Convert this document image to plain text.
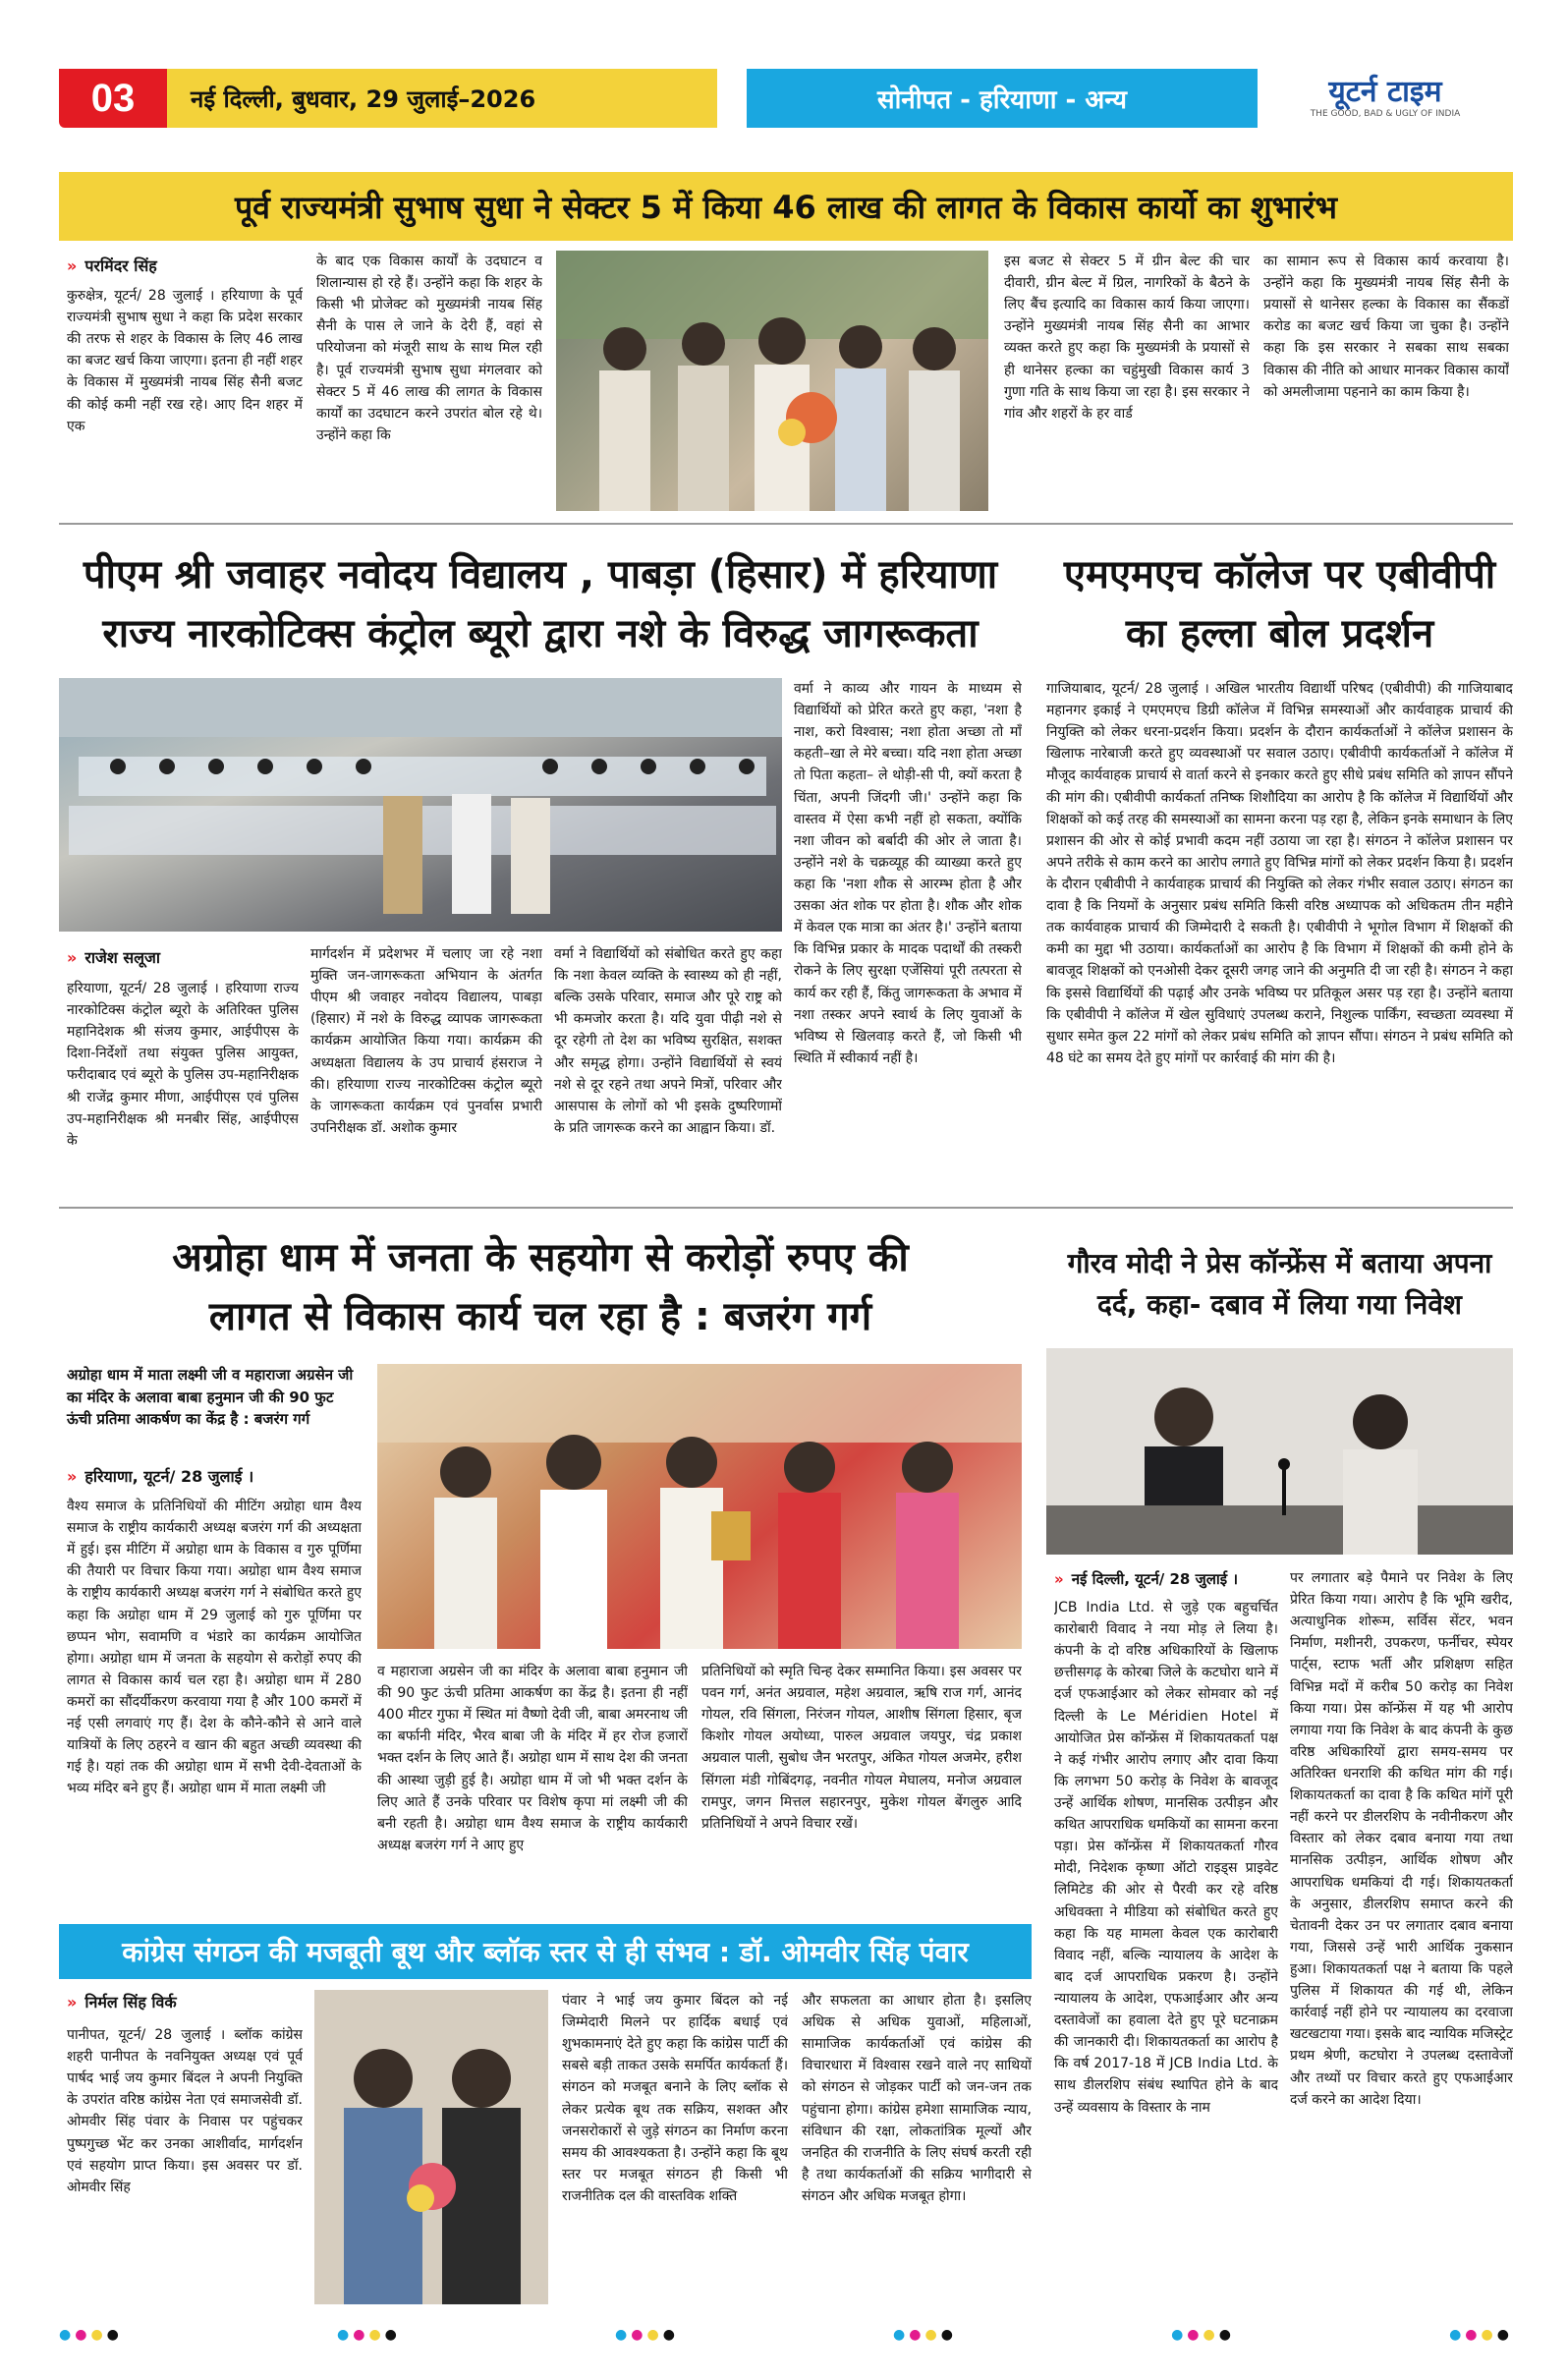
03	नई दिल्ली, बुधवार, 29 जुलाई–2026	सोनीपत - हरियाणा - अन्य	यूटर्न टाइम
THE GOOD, BAD & UGLY OF INDIA
पूर्व राज्यमंत्री सुभाष सुधा ने सेक्टर 5 में किया 46 लाख की लागत के विकास कार्यो का शुभारंभ
» परमिंदर सिंह
कुरुक्षेत्र, यूटर्न/ 28 जुलाई । हरियाणा के पूर्व राज्यमंत्री सुभाष सुधा ने कहा कि प्रदेश सरकार की तरफ से शहर के विकास के लिए 46 लाख का बजट खर्च किया जाएगा। इतना ही नहीं शहर के विकास में मुख्यमंत्री नायब सिंह सैनी बजट की कोई कमी नहीं रख रहे। आए दिन शहर में एक
के बाद एक विकास कार्यों के उदघाटन व शिलान्यास हो रहे हैं। उन्होंने कहा कि शहर के किसी भी प्रोजेक्ट को मुख्यमंत्री नायब सिंह सैनी के पास ले जाने के देरी हैं, वहां से परियोजना को मंजूरी साथ के साथ मिल रही है। पूर्व राज्यमंत्री सुभाष सुधा मंगलवार को सेक्टर 5 में 46 लाख की लागत के विकास कार्यों का उदघाटन करने उपरांत बोल रहे थे। उन्होंने कहा कि
इस बजट से सेक्टर 5 में ग्रीन बेल्ट की चार दीवारी, ग्रीन बेल्ट में ग्रिल, नागरिकों के बैठने के लिए बैंच इत्यादि का विकास कार्य किया जाएगा। उन्होंने मुख्यमंत्री नायब सिंह सैनी का आभार व्यक्त करते हुए कहा कि मुख्यमंत्री के प्रयासों से ही थानेसर हल्का का चहुंमुखी विकास कार्य 3 गुणा गति के साथ किया जा रहा है। इस सरकार ने गांव और शहरों के हर वार्ड
का सामान रूप से विकास कार्य करवाया है। उन्होंने कहा कि मुख्यमंत्री नायब सिंह सैनी के प्रयासों से थानेसर हल्का के विकास का सैंकडों करोड का बजट खर्च किया जा चुका है। उन्होंने कहा कि इस सरकार ने सबका साथ सबका विकास की नीति को आधार मानकर विकास कार्यों को अमलीजामा पहनाने का काम किया है।
पीएम श्री जवाहर नवोदय विद्यालय , पाबड़ा (हिसार) में हरियाणा
राज्य नारकोटिक्स कंट्रोल ब्यूरो द्वारा नशे के विरुद्ध जागरूकता
» राजेश सलूजा
हरियाणा, यूटर्न/ 28 जुलाई । हरियाणा राज्य नारकोटिक्स कंट्रोल ब्यूरो के अतिरिक्त पुलिस महानिदेशक श्री संजय कुमार, आईपीएस के दिशा-निर्देशों तथा संयुक्त पुलिस आयुक्त, फरीदाबाद एवं ब्यूरो के पुलिस उप-महानिरीक्षक श्री राजेंद्र कुमार मीणा, आईपीएस एवं पुलिस उप-महानिरीक्षक श्री मनबीर सिंह, आईपीएस के
मार्गदर्शन में प्रदेशभर में चलाए जा रहे नशा मुक्ति जन-जागरूकता अभियान के अंतर्गत पीएम श्री जवाहर नवोदय विद्यालय, पाबड़ा (हिसार) में नशे के विरुद्ध व्यापक जागरूकता कार्यक्रम आयोजित किया गया। कार्यक्रम की अध्यक्षता विद्यालय के उप प्राचार्य हंसराज ने की। हरियाणा राज्य नारकोटिक्स कंट्रोल ब्यूरो के जागरूकता कार्यक्रम एवं पुनर्वास प्रभारी उपनिरीक्षक डॉ. अशोक कुमार
वर्मा ने विद्यार्थियों को संबोधित करते हुए कहा कि नशा केवल व्यक्ति के स्वास्थ्य को ही नहीं, बल्कि उसके परिवार, समाज और पूरे राष्ट्र को भी कमजोर करता है। यदि युवा पीढ़ी नशे से दूर रहेगी तो देश का भविष्य सुरक्षित, सशक्त और समृद्ध होगा। उन्होंने विद्यार्थियों से स्वयं नशे से दूर रहने तथा अपने मित्रों, परिवार और आसपास के लोगों को भी इसके दुष्परिणामों के प्रति जागरूक करने का आह्वान किया। डॉ.
वर्मा ने काव्य और गायन के माध्यम से विद्यार्थियों को प्रेरित करते हुए कहा, 'नशा है नाश, करो विश्वास; नशा होता अच्छा तो माँ कहती–खा ले मेरे बच्चा। यदि नशा होता अच्छा तो पिता कहता– ले थोड़ी-सी पी, क्यों करता है चिंता, अपनी जिंदगी जी।' उन्होंने कहा कि वास्तव में ऐसा कभी नहीं हो सकता, क्योंकि नशा जीवन को बर्बादी की ओर ले जाता है। उन्होंने नशे के चक्रव्यूह की व्याख्या करते हुए कहा कि 'नशा शौक से आरम्भ होता है और उसका अंत शोक पर होता है। शौक और शोक में केवल एक मात्रा का अंतर है।' उन्होंने बताया कि विभिन्न प्रकार के मादक पदार्थों की तस्करी रोकने के लिए सुरक्षा एजेंसियां पूरी तत्परता से कार्य कर रही हैं, किंतु जागरूकता के अभाव में नशा तस्कर अपने स्वार्थ के लिए युवाओं के भविष्य से खिलवाड़ करते हैं, जो किसी भी स्थिति में स्वीकार्य नहीं है।
एमएमएच कॉलेज पर एबीवीपी
का हल्ला बोल प्रदर्शन
गाजियाबाद, यूटर्न/ 28 जुलाई । अखिल भारतीय विद्यार्थी परिषद (एबीवीपी) की गाजियाबाद महानगर इकाई ने एमएमएच डिग्री कॉलेज में विभिन्न समस्याओं और कार्यवाहक प्राचार्य की नियुक्ति को लेकर धरना-प्रदर्शन किया। प्रदर्शन के दौरान कार्यकर्ताओं ने कॉलेज प्रशासन के खिलाफ नारेबाजी करते हुए व्यवस्थाओं पर सवाल उठाए। एबीवीपी कार्यकर्ताओं ने कॉलेज में मौजूद कार्यवाहक प्राचार्य से वार्ता करने से इनकार करते हुए सीधे प्रबंध समिति को ज्ञापन सौंपने की मांग की। एबीवीपी कार्यकर्ता तनिष्क शिशौदिया का आरोप है कि कॉलेज में विद्यार्थियों और शिक्षकों को कई तरह की समस्याओं का सामना करना पड़ रहा है, लेकिन इनके समाधान के लिए प्रशासन की ओर से कोई प्रभावी कदम नहीं उठाया जा रहा है। संगठन ने कॉलेज प्रशासन पर अपने तरीके से काम करने का आरोप लगाते हुए विभिन्न मांगों को लेकर प्रदर्शन किया है। प्रदर्शन के दौरान एबीवीपी ने कार्यवाहक प्राचार्य की नियुक्ति को लेकर गंभीर सवाल उठाए। संगठन का दावा है कि नियमों के अनुसार प्रबंध समिति किसी वरिष्ठ अध्यापक को अधिकतम तीन महीने तक कार्यवाहक प्राचार्य की जिम्मेदारी दे सकती है। एबीवीपी ने भूगोल विभाग में शिक्षकों की कमी का मुद्दा भी उठाया। कार्यकर्ताओं का आरोप है कि विभाग में शिक्षकों की कमी होने के बावजूद शिक्षकों को एनओसी देकर दूसरी जगह जाने की अनुमति दी जा रही है। संगठन ने कहा कि इससे विद्यार्थियों की पढ़ाई और उनके भविष्य पर प्रतिकूल असर पड़ रहा है। उन्होंने बताया कि एबीवीपी ने कॉलेज में खेल सुविधाएं उपलब्ध कराने, निशुल्क पार्किंग, स्वच्छता व्यवस्था में सुधार समेत कुल 22 मांगों को लेकर प्रबंध समिति को ज्ञापन सौंपा। संगठन ने प्रबंध समिति को 48 घंटे का समय देते हुए मांगों पर कार्रवाई की मांग की है।
अग्रोहा धाम में जनता के सहयोग से करोड़ों रुपए की
लागत से विकास कार्य चल रहा है : बजरंग गर्ग
अग्रोहा धाम में माता लक्ष्मी जी व महाराजा अग्रसेन जी का मंदिर के अलावा बाबा हनुमान जी की 90 फुट ऊंची प्रतिमा आकर्षण का केंद्र है : बजरंग गर्ग
» हरियाणा, यूटर्न/ 28 जुलाई ।
वैश्य समाज के प्रतिनिधियों की मीटिंग अग्रोहा धाम वैश्य समाज के राष्ट्रीय कार्यकारी अध्यक्ष बजरंग गर्ग की अध्यक्षता में हुई। इस मीटिंग में अग्रोहा धाम के विकास व गुरु पूर्णिमा की तैयारी पर विचार किया गया। अग्रोहा धाम वैश्य समाज के राष्ट्रीय कार्यकारी अध्यक्ष बजरंग गर्ग ने संबोधित करते हुए कहा कि अग्रोहा धाम में 29 जुलाई को गुरु पूर्णिमा पर छप्पन भोग, सवामणि व भंडारे का कार्यक्रम आयोजित होगा। अग्रोहा धाम में जनता के सहयोग से करोड़ों रुपए की लागत से विकास कार्य चल रहा है। अग्रोहा धाम में 280 कमरों का सौंदर्यीकरण करवाया गया है और 100 कमरों में नई एसी लगवाएं गए हैं। देश के कौने-कौने से आने वाले यात्रियों के लिए ठहरने व खान की बहुत अच्छी व्यवस्था की गई है। यहां तक की अग्रोहा धाम में सभी देवी-देवताओं के भव्य मंदिर बने हुए हैं। अग्रोहा धाम में माता लक्ष्मी जी
व महाराजा अग्रसेन जी का मंदिर के अलावा बाबा हनुमान जी की 90 फुट ऊंची प्रतिमा आकर्षण का केंद्र है। इतना ही नहीं 400 मीटर गुफा में स्थित मां वैष्णो देवी जी, बाबा अमरनाथ जी का बर्फानी मंदिर, भैरव बाबा जी के मंदिर में हर रोज हजारों भक्त दर्शन के लिए आते हैं। अग्रोहा धाम में साथ देश की जनता की आस्था जुड़ी हुई है। अग्रोहा धाम में जो भी भक्त दर्शन के लिए आते हैं उनके परिवार पर विशेष कृपा मां लक्ष्मी जी की बनी रहती है। अग्रोहा धाम वैश्य समाज के राष्ट्रीय कार्यकारी अध्यक्ष बजरंग गर्ग ने आए हुए
प्रतिनिधियों को स्मृति चिन्ह देकर सम्मानित किया। इस अवसर पर पवन गर्ग, अनंत अग्रवाल, महेश अग्रवाल, ऋषि राज गर्ग, आनंद गोयल, रवि सिंगला, निरंजन गोयल, आशीष सिंगला हिसार, बृज किशोर गोयल अयोध्या, पारुल अग्रवाल जयपुर, चंद्र प्रकाश अग्रवाल पाली, सुबोध जैन भरतपुर, अंकित गोयल अजमेर, हरीश सिंगला मंडी गोबिंदगढ़, नवनीत गोयल मेघालय, मनोज अग्रवाल रामपुर, जगन मित्तल सहारनपुर, मुकेश गोयल बेंगलुरु आदि प्रतिनिधियों ने अपने विचार रखें।
गौरव मोदी ने प्रेस कॉन्फ्रेंस में बताया अपना
दर्द, कहा- दबाव में लिया गया निवेश
» नई दिल्ली, यूटर्न/ 28 जुलाई ।
JCB India Ltd. से जुड़े एक बहुचर्चित कारोबारी विवाद ने नया मोड़ ले लिया है। कंपनी के दो वरिष्ठ अधिकारियों के खिलाफ छत्तीसगढ़ के कोरबा जिले के कटघोरा थाने में दर्ज एफआईआर को लेकर सोमवार को नई दिल्ली के Le Méridien Hotel में आयोजित प्रेस कॉन्फ्रेंस में शिकायतकर्ता पक्ष ने कई गंभीर आरोप लगाए और दावा किया कि लगभग 50 करोड़ के निवेश के बावजूद उन्हें आर्थिक शोषण, मानसिक उत्पीड़न और कथित आपराधिक धमकियों का सामना करना पड़ा। प्रेस कॉन्फ्रेंस में शिकायतकर्ता गौरव मोदी, निदेशक कृष्णा ऑटो राइड्स प्राइवेट लिमिटेड की ओर से पैरवी कर रहे वरिष्ठ अधिवक्ता ने मीडिया को संबोधित करते हुए कहा कि यह मामला केवल एक कारोबारी विवाद नहीं, बल्कि न्यायालय के आदेश के बाद दर्ज आपराधिक प्रकरण है। उन्होंने न्यायालय के आदेश, एफआईआर और अन्य दस्तावेजों का हवाला देते हुए पूरे घटनाक्रम की जानकारी दी। शिकायतकर्ता का आरोप है कि वर्ष 2017-18 में JCB India Ltd. के साथ डीलरशिप संबंध स्थापित होने के बाद उन्हें व्यवसाय के विस्तार के नाम
पर लगातार बड़े पैमाने पर निवेश के लिए प्रेरित किया गया। आरोप है कि भूमि खरीद, अत्याधुनिक शोरूम, सर्विस सेंटर, भवन निर्माण, मशीनरी, उपकरण, फर्नीचर, स्पेयर पार्ट्स, स्टाफ भर्ती और प्रशिक्षण सहित विभिन्न मदों में करीब 50 करोड़ का निवेश किया गया। प्रेस कॉन्फ्रेंस में यह भी आरोप लगाया गया कि निवेश के बाद कंपनी के कुछ वरिष्ठ अधिकारियों द्वारा समय-समय पर अतिरिक्त धनराशि की कथित मांग की गई। शिकायतकर्ता का दावा है कि कथित मांगें पूरी नहीं करने पर डीलरशिप के नवीनीकरण और विस्तार को लेकर दबाव बनाया गया तथा मानसिक उत्पीड़न, आर्थिक शोषण और आपराधिक धमकियां दी गई। शिकायतकर्ता के अनुसार, डीलरशिप समाप्त करने की चेतावनी देकर उन पर लगातार दबाव बनाया गया, जिससे उन्हें भारी आर्थिक नुकसान हुआ। शिकायतकर्ता पक्ष ने बताया कि पहले पुलिस में शिकायत की गई थी, लेकिन कार्रवाई नहीं होने पर न्यायालय का दरवाजा खटखटाया गया। इसके बाद न्यायिक मजिस्ट्रेट प्रथम श्रेणी, कटघोरा ने उपलब्ध दस्तावेजों और तथ्यों पर विचार करते हुए एफआईआर दर्ज करने का आदेश दिया।
कांग्रेस संगठन की मजबूती बूथ और ब्लॉक स्तर से ही संभव : डॉ. ओमवीर सिंह पंवार
» निर्मल सिंह विर्क
पानीपत, यूटर्न/ 28 जुलाई । ब्लॉक कांग्रेस शहरी पानीपत के नवनियुक्त अध्यक्ष एवं पूर्व पार्षद भाई जय कुमार बिंदल ने अपनी नियुक्ति के उपरांत वरिष्ठ कांग्रेस नेता एवं समाजसेवी डॉ. ओमवीर सिंह पंवार के निवास पर पहुंचकर पुष्पगुच्छ भेंट कर उनका आशीर्वाद, मार्गदर्शन एवं सहयोग प्राप्त किया। इस अवसर पर डॉ. ओमवीर सिंह
पंवार ने भाई जय कुमार बिंदल को नई जिम्मेदारी मिलने पर हार्दिक बधाई एवं शुभकामनाएं देते हुए कहा कि कांग्रेस पार्टी की सबसे बड़ी ताकत उसके समर्पित कार्यकर्ता हैं। संगठन को मजबूत बनाने के लिए ब्लॉक से लेकर प्रत्येक बूथ तक सक्रिय, सशक्त और जनसरोकारों से जुड़े संगठन का निर्माण करना समय की आवश्यकता है। उन्होंने कहा कि बूथ स्तर पर मजबूत संगठन ही किसी भी राजनीतिक दल की वास्तविक शक्ति
और सफलता का आधार होता है। इसलिए अधिक से अधिक युवाओं, महिलाओं, सामाजिक कार्यकर्ताओं एवं कांग्रेस की विचारधारा में विश्वास रखने वाले नए साथियों को संगठन से जोड़कर पार्टी को जन-जन तक पहुंचाना होगा। कांग्रेस हमेशा सामाजिक न्याय, संविधान की रक्षा, लोकतांत्रिक मूल्यों और जनहित की राजनीति के लिए संघर्ष करती रही है तथा कार्यकर्ताओं की सक्रिय भागीदारी से संगठन और अधिक मजबूत होगा।
●●●●	●●●●	●●●●	●●●●	●●●●	●●●●
